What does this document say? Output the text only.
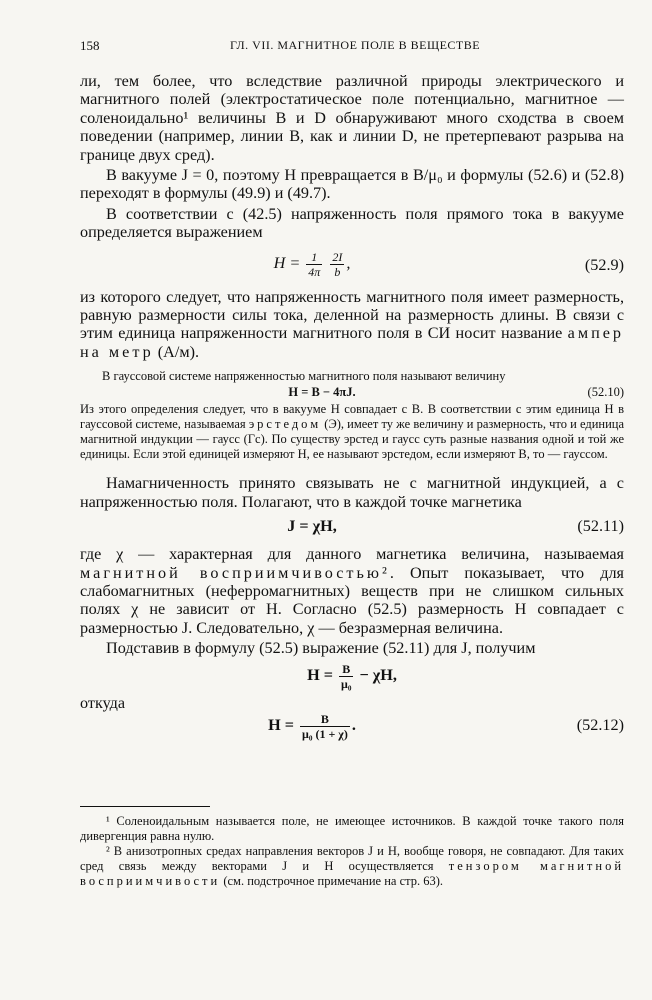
158	ГЛ. VII. МАГНИТНОЕ ПОЛЕ В ВЕЩЕСТВЕ

ли, тем более, что вследствие различной природы электрического и магнитного полей (электростатическое поле потенциально, магнитное — соленоидально¹ величины B и D обнаруживают много сходства в своем поведении (например, линии B, как и линии D, не претерпевают разрыва на границе двух сред).

В вакууме J = 0, поэтому H превращается в B/μ₀ и формулы (52.6) и (52.8) переходят в формулы (49.9) и (49.7).

В соответствии с (42.5) напряженность поля прямого тока в вакууме определяется выражением

$H = \frac{1}{4\pi}$
$\frac{2I}{b}$ ,	(52.9)

из которого следует, что напряженность магнитного поля имеет размерность, равную размерности силы тока, деленной на размерность длины. В связи с этим единица напряженности магнитного поля в СИ носит название ампер на метр (А/м).

В гауссовой системе напряженностью магнитного поля называют величину

H = B − 4πJ.	(52.10)

Из этого определения следует, что в вакууме H совпадает с B. В соответствии с этим единица H в гауссовой системе, называемая эрстедом (Э), имеет ту же величину и размерность, что и единица магнитной индукции — гаусс (Гс). По существу эрстед и гаусс суть разные названия одной и той же единицы. Если этой единицей измеряют H, ее называют эрстедом, если измеряют B, то — гауссом.

Намагниченность принято связывать не с магнитной индукцией, а с напряженностью поля. Полагают, что в каждой точке магнетика

J = χH,	(52.11)

где χ — характерная для данного магнетика величина, называемая магнитной восприимчивостью². Опыт показывает, что для слабомагнитных (неферромагнитных) веществ при не слишком сильных полях χ не зависит от H. Согласно (52.5) размерность H совпадает с размерностью J. Следовательно, χ — безразмерная величина.

Подставив в формулу (52.5) выражение (52.11) для J, получим

$H = \frac{B}{\text{μ₀}} - \chi H$,

откуда

$H = \frac{B}{\text{μ₀ (1 + χ)}}$ .	(52.12)

¹ Соленоидальным называется поле, не имеющее источников. В каждой точке такого поля дивергенция равна нулю.

² В анизотропных средах направления векторов J и H, вообще говоря, не совпадают. Для таких сред связь между векторами J и H осуществляется тензором магнитной восприимчивости (см. подстрочное примечание на стр. 63).
